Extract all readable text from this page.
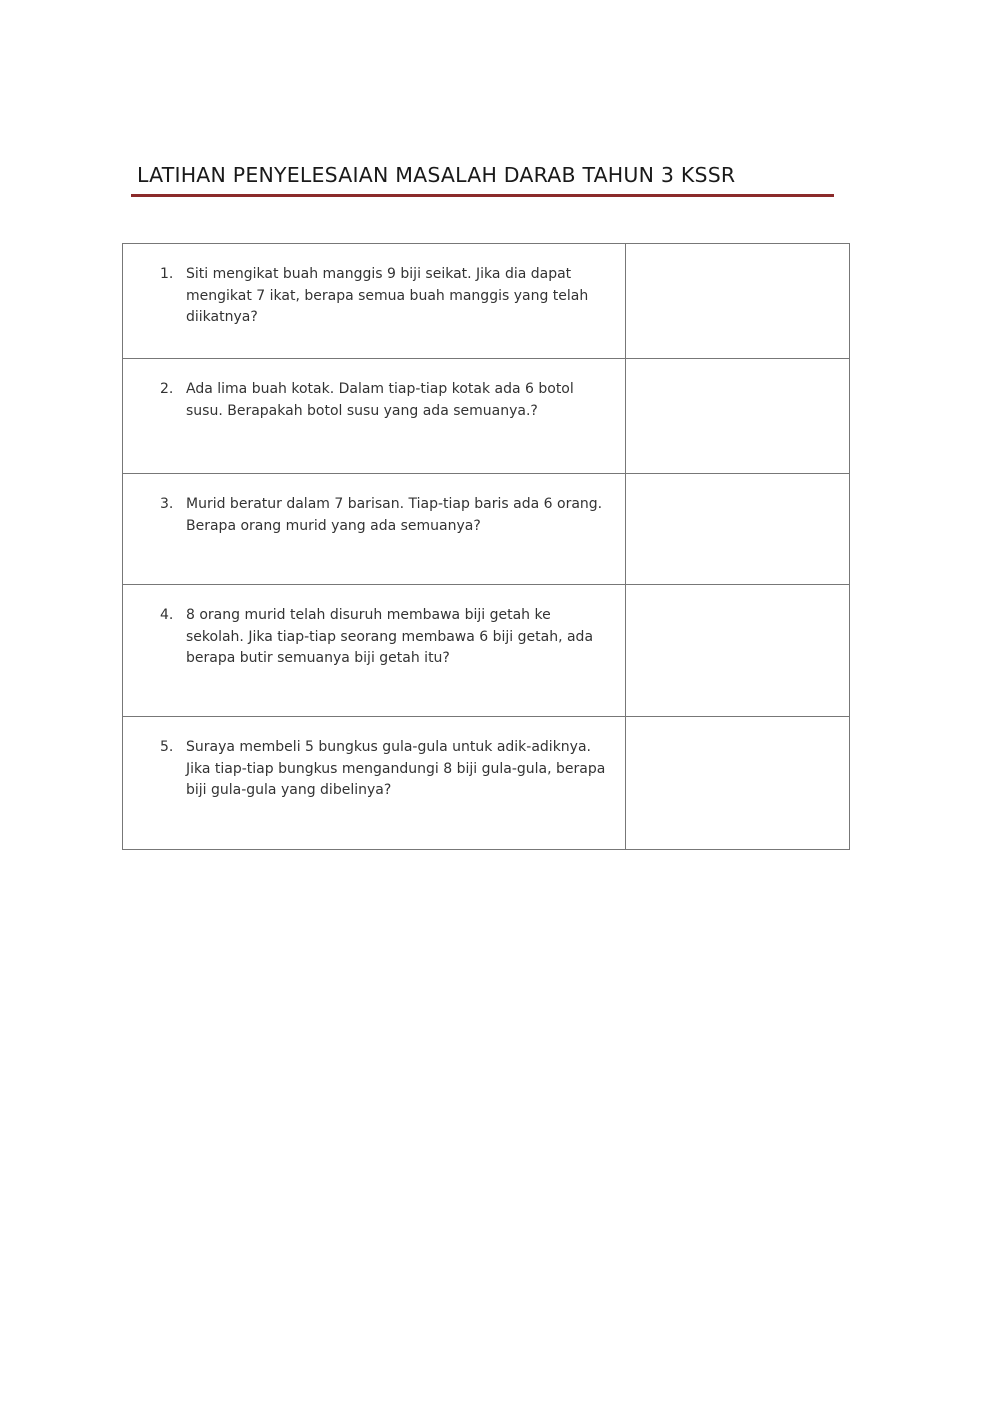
LATIHAN PENYELESAIAN MASALAH DARAB TAHUN 3 KSSR
1. Siti mengikat buah manggis 9 biji seikat. Jika dia dapat mengikat 7 ikat, berapa semua buah manggis yang telah diikatnya?	

2. Ada lima buah kotak. Dalam tiap-tiap kotak ada 6 botol susu. Berapakah botol susu yang ada semuanya.?	

3. Murid beratur dalam 7 barisan. Tiap-tiap baris ada 6 orang. Berapa orang murid yang ada semuanya?	

4. 8 orang murid telah disuruh membawa biji getah ke sekolah. Jika tiap-tiap seorang membawa 6 biji getah, ada berapa butir semuanya biji getah itu?	

5. Suraya membeli 5 bungkus gula-gula untuk adik-adiknya. Jika tiap-tiap bungkus mengandungi 8 biji gula-gula, berapa biji gula-gula yang dibelinya?	
